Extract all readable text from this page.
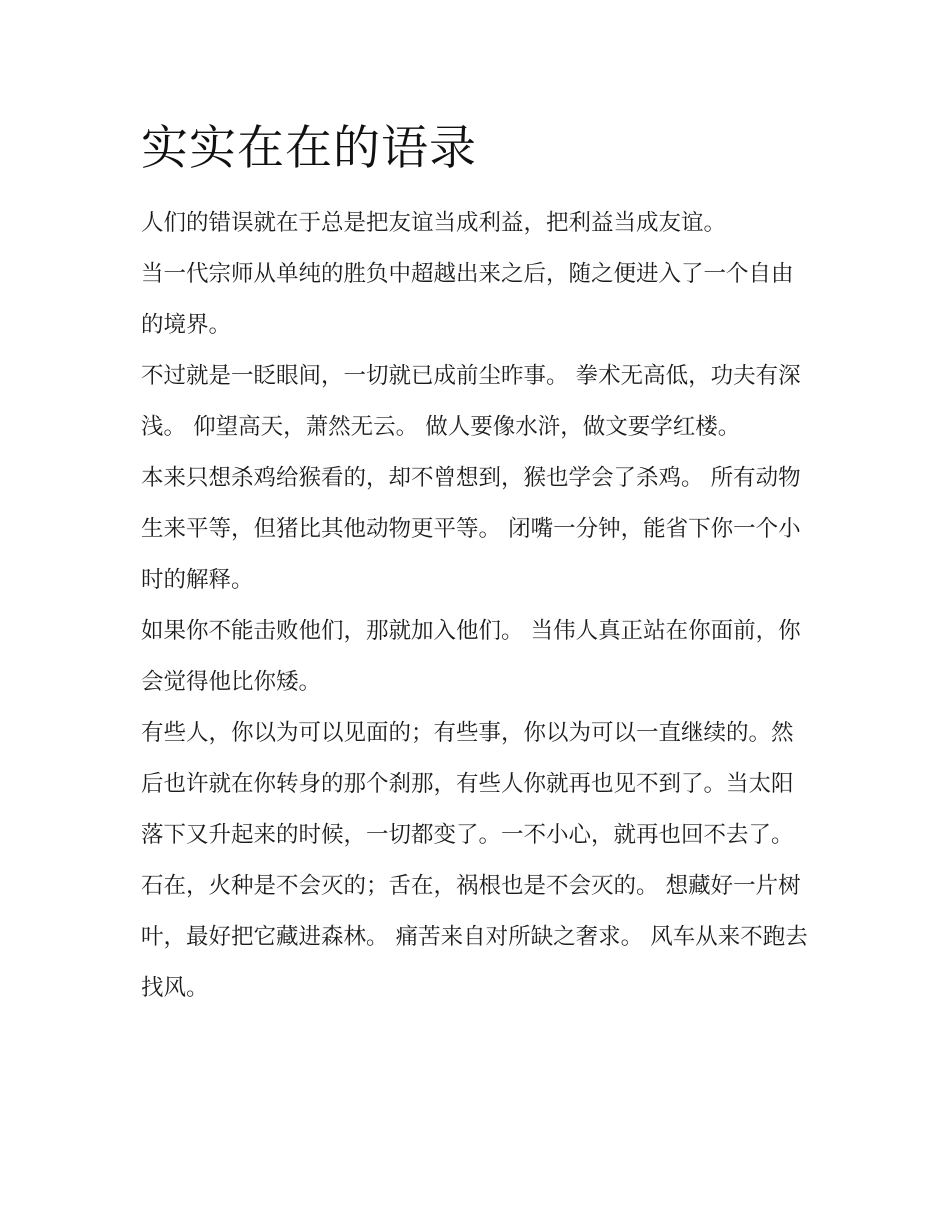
实实在在的语录

人们的错误就在于总是把友谊当成利益，把利益当成友谊。

当一代宗师从单纯的胜负中超越出来之后，随之便进入了一个自由的境界。

不过就是一眨眼间，一切就已成前尘昨事。 拳术无高低，功夫有深浅。 仰望高天，萧然无云。 做人要像水浒，做文要学红楼。

本来只想杀鸡给猴看的，却不曾想到，猴也学会了杀鸡。 所有动物生来平等，但猪比其他动物更平等。 闭嘴一分钟，能省下你一个小时的解释。

如果你不能击败他们，那就加入他们。 当伟人真正站在你面前，你会觉得他比你矮。

有些人，你以为可以见面的；有些事，你以为可以一直继续的。然后也许就在你转身的那个刹那，有些人你就再也见不到了。当太阳落下又升起来的时候，一切都变了。一不小心，就再也回不去了。

石在，火种是不会灭的；舌在，祸根也是不会灭的。 想藏好一片树叶，最好把它藏进森林。 痛苦来自对所缺之奢求。 风车从来不跑去找风。
